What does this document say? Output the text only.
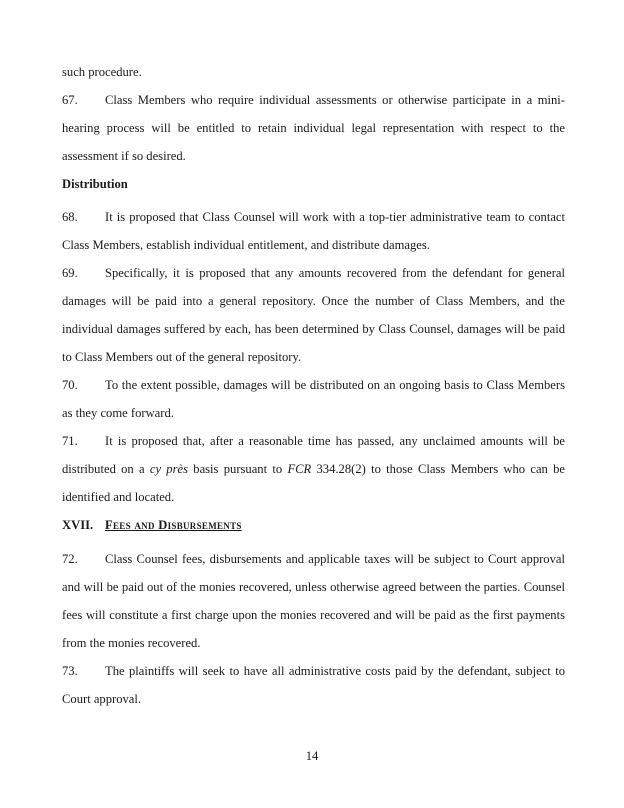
such procedure.

67. Class Members who require individual assessments or otherwise participate in a mini-hearing process will be entitled to retain individual legal representation with respect to the assessment if so desired.

Distribution

68. It is proposed that Class Counsel will work with a top-tier administrative team to contact Class Members, establish individual entitlement, and distribute damages.

69. Specifically, it is proposed that any amounts recovered from the defendant for general damages will be paid into a general repository. Once the number of Class Members, and the individual damages suffered by each, has been determined by Class Counsel, damages will be paid to Class Members out of the general repository.

70. To the extent possible, damages will be distributed on an ongoing basis to Class Members as they come forward.

71. It is proposed that, after a reasonable time has passed, any unclaimed amounts will be distributed on a cy près basis pursuant to FCR 334.28(2) to those Class Members who can be identified and located.

XVII. Fees and Disbursements

72. Class Counsel fees, disbursements and applicable taxes will be subject to Court approval and will be paid out of the monies recovered, unless otherwise agreed between the parties. Counsel fees will constitute a first charge upon the monies recovered and will be paid as the first payments from the monies recovered.

73. The plaintiffs will seek to have all administrative costs paid by the defendant, subject to Court approval.

14
